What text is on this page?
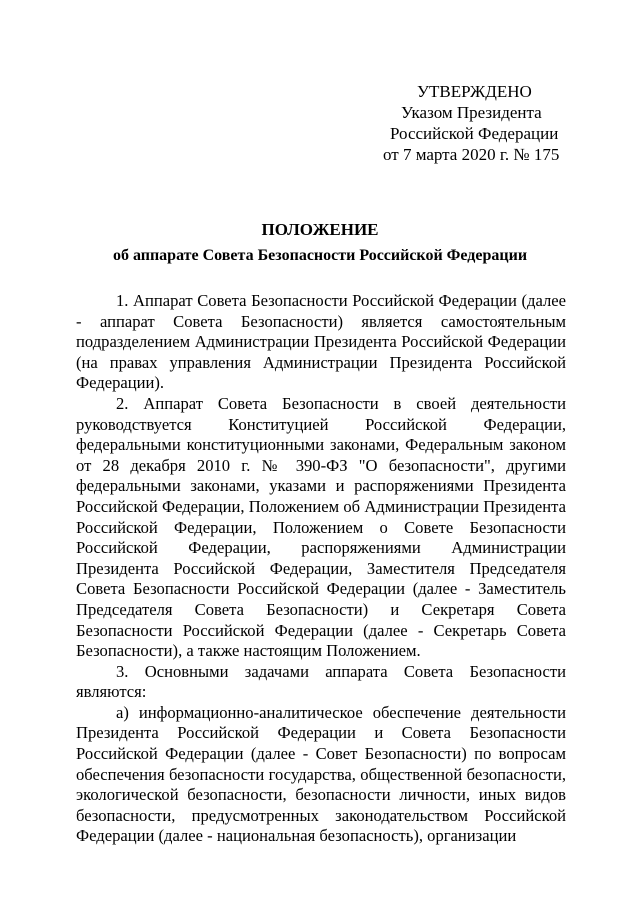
УТВЕРЖДЕНО
Указом Президента
Российской Федерации
от 7 марта 2020 г. № 175
ПОЛОЖЕНИЕ
об аппарате Совета Безопасности Российской Федерации

1. Аппарат Совета Безопасности Российской Федерации (далее - аппарат Совета Безопасности) является самостоятельным подразделением Администрации Президента Российской Федерации (на правах управления Администрации Президента Российской Федерации).

2. Аппарат Совета Безопасности в своей деятельности руководствуется Конституцией Российской Федерации, федеральными конституционными законами, Федеральным законом от 28 декабря 2010 г. № 390-ФЗ "О безопасности", другими федеральными законами, указами и распоряжениями Президента Российской Федерации, Положением об Администрации Президента Российской Федерации, Положением о Совете Безопасности Российской Федерации, распоряжениями Администрации Президента Российской Федерации, Заместителя Председателя Совета Безопасности Российской Федерации (далее - Заместитель Председателя Совета Безопасности) и Секретаря Совета Безопасности Российской Федерации (далее - Секретарь Совета Безопасности), а также настоящим Положением.

3. Основными задачами аппарата Совета Безопасности являются:

а) информационно-аналитическое обеспечение деятельности Президента Российской Федерации и Совета Безопасности Российской Федерации (далее - Совет Безопасности) по вопросам обеспечения безопасности государства, общественной безопасности, экологической безопасности, безопасности личности, иных видов безопасности, предусмотренных законодательством Российской Федерации (далее - национальная безопасность), организации
